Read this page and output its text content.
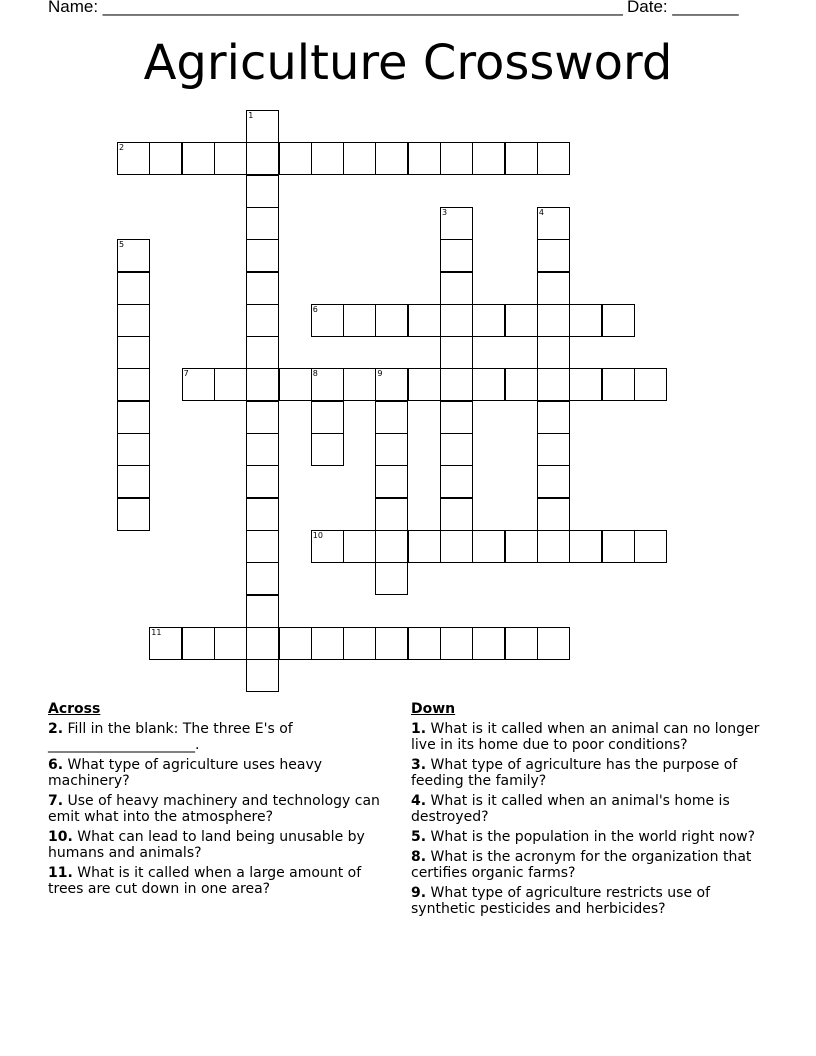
Name: _______________________________________________________ Date: _______
Agriculture Crossword
1
2
3	4
5
6
7	8	9
10
11
Across
2. Fill in the blank: The three E's of _____________________.
6. What type of agriculture uses heavy machinery?
7. Use of heavy machinery and technology can emit what into the atmosphere?
10. What can lead to land being unusable by humans and animals?
11. What is it called when a large amount of trees are cut down in one area?
Down
1. What is it called when an animal can no longer live in its home due to poor conditions?
3. What type of agriculture has the purpose of feeding the family?
4. What is it called when an animal's home is destroyed?
5. What is the population in the world right now?
8. What is the acronym for the organization that certifies organic farms?
9. What type of agriculture restricts use of synthetic pesticides and herbicides?
